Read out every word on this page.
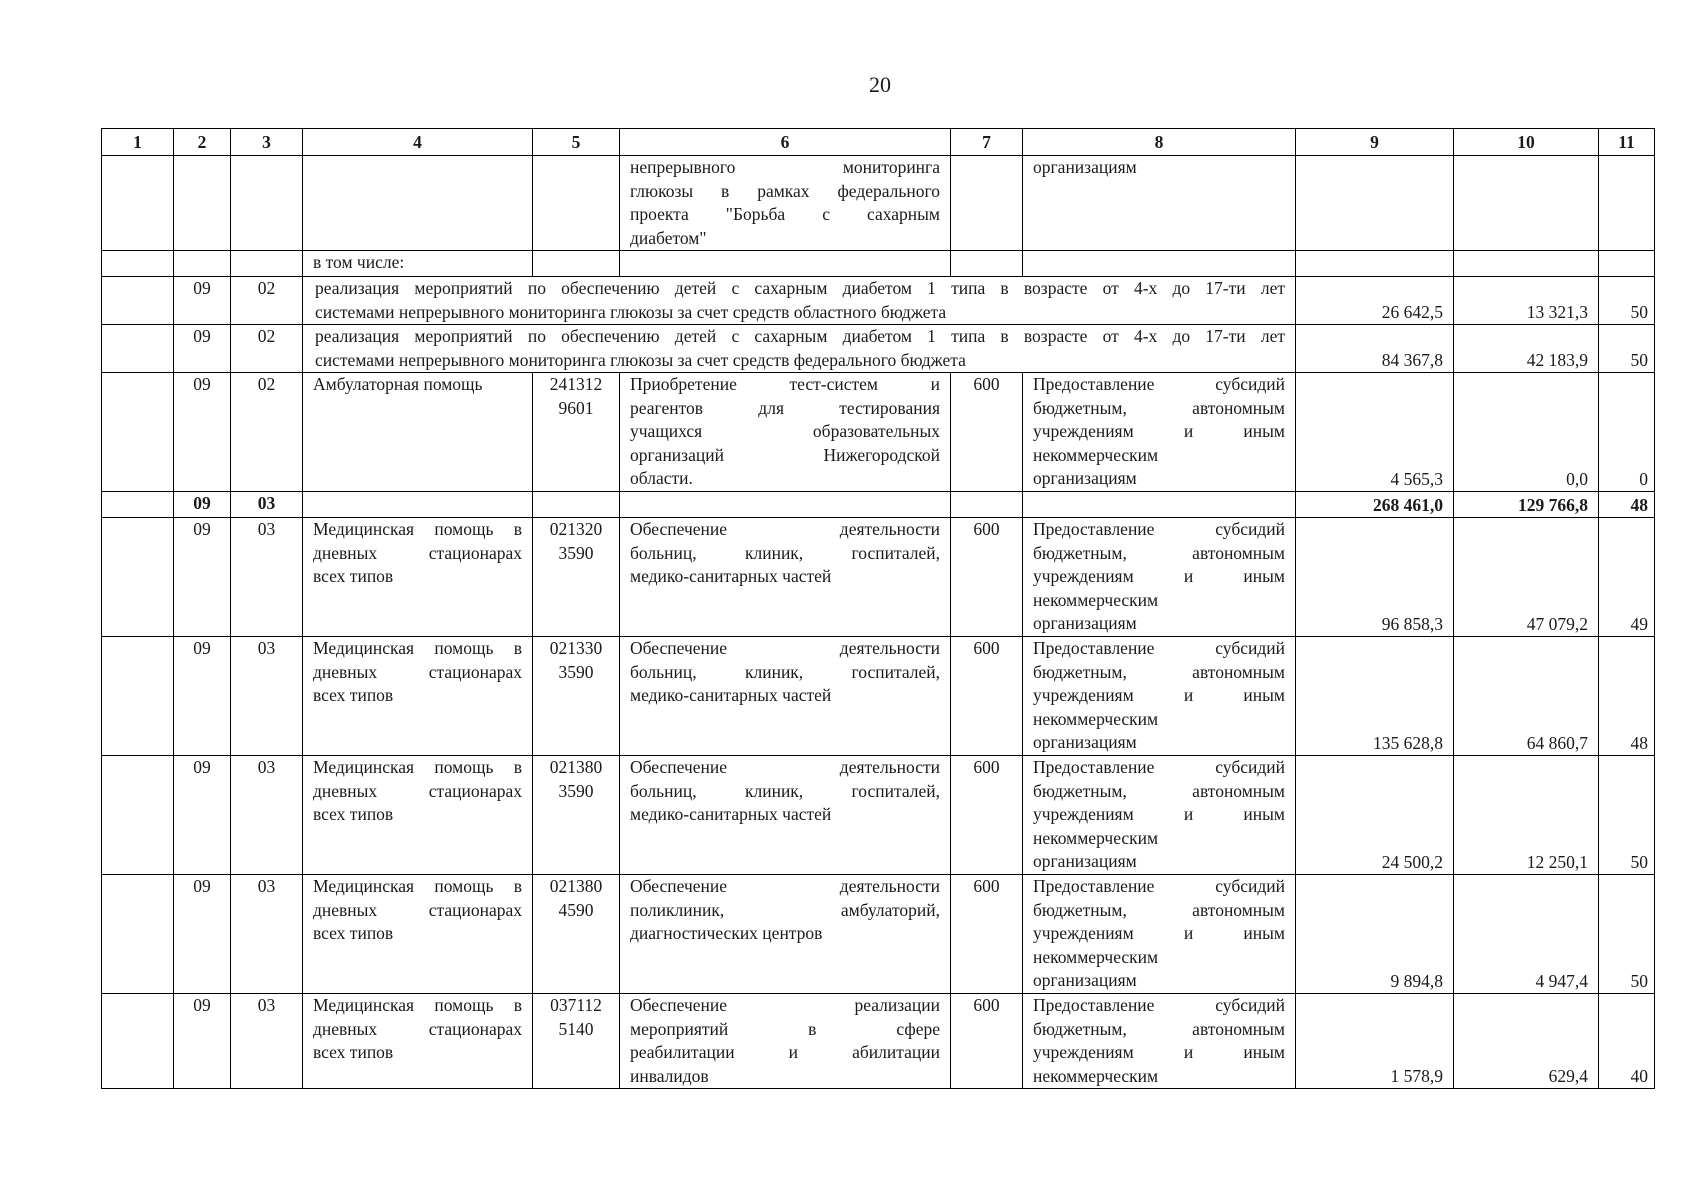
20
1	2	3	4	5	6	7	8	9	10	11

					непрерывного мониторинга
глюкозы в рамках федерального
проекта "Борьба с сахарным
диабетом"		организациям			
			в том числе:							
	09	02	реализация мероприятий по обеспечению детей с сахарным диабетом 1 типа в возрасте от 4-х до 17-ти лет
системами непрерывного мониторинга глюкозы за счет средств областного бюджета					26 642,5	13 321,3	50
	09	02	реализация мероприятий по обеспечению детей с сахарным диабетом 1 типа в возрасте от 4-х до 17-ти лет
системами непрерывного мониторинга глюкозы за счет средств федерального бюджета					84 367,8	42 183,9	50
	09	02	Амбулаторная помощь	241312
9601	Приобретение тест-систем и
реагентов для тестирования
учащихся образовательных
организаций Нижегородской
области.	600	Предоставление субсидий
бюджетным, автономным
учреждениям и иным
некоммерческим
организациям	4 565,3	0,0	0
	09	03						268 461,0	129 766,8	48
	09	03	Медицинская помощь в
дневных стационарах
всех типов	021320
3590	Обеспечение деятельности
больниц, клиник, госпиталей,
медико-санитарных частей	600	Предоставление субсидий
бюджетным, автономным
учреждениям и иным
некоммерческим
организациям	96 858,3	47 079,2	49
	09	03	Медицинская помощь в
дневных стационарах
всех типов	021330
3590	Обеспечение деятельности
больниц, клиник, госпиталей,
медико-санитарных частей	600	Предоставление субсидий
бюджетным, автономным
учреждениям и иным
некоммерческим
организациям	135 628,8	64 860,7	48
	09	03	Медицинская помощь в
дневных стационарах
всех типов	021380
3590	Обеспечение деятельности
больниц, клиник, госпиталей,
медико-санитарных частей	600	Предоставление субсидий
бюджетным, автономным
учреждениям и иным
некоммерческим
организациям	24 500,2	12 250,1	50
	09	03	Медицинская помощь в
дневных стационарах
всех типов	021380
4590	Обеспечение деятельности
поликлиник, амбулаторий,
диагностических центров	600	Предоставление субсидий
бюджетным, автономным
учреждениям и иным
некоммерческим
организациям	9 894,8	4 947,4	50
	09	03	Медицинская помощь в
дневных стационарах
всех типов	037112
5140	Обеспечение реализации
мероприятий в сфере
реабилитации и абилитации
инвалидов	600	Предоставление субсидий
бюджетным, автономным
учреждениям и иным
некоммерческим	1 578,9	629,4	40
